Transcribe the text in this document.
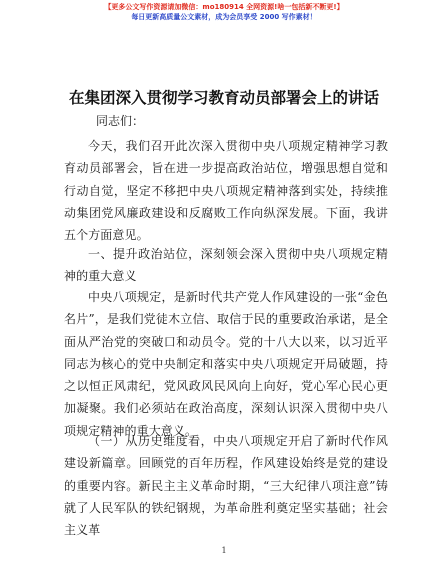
【更多公文写作资源请加微信：mo180914 全网资源!啥一包括新不断更!】
每日更新高质量公文素材，成为会员享受 2000 写作素材！
在集团深入贯彻学习教育动员部署会上的讲话
同志们：
今天，我们召开此次深入贯彻中央八项规定精神学习教育动员部署会，旨在进一步提高政治站位，增强思想自觉和行动自觉，坚定不移把中央八项规定精神落到实处，持续推动集团党风廉政建设和反腐败工作向纵深发展。下面，我讲五个方面意见。
一、提升政治站位，深刻领会深入贯彻中央八项规定精神的重大意义
中央八项规定，是新时代共产党人作风建设的一张“金色名片”，是我们党徒木立信、取信于民的重要政治承诺，是全面从严治党的突破口和动员令。党的十八大以来，以习近平同志为核心的党中央制定和落实中央八项规定开局破题，持之以恒正风肃纪，党风政风民风向上向好，党心军心民心更加凝聚。我们必须站在政治高度，深刻认识深入贯彻中央八项规定精神的重大意义。
（一）从历史维度看，中央八项规定开启了新时代作风建设新篇章。回顾党的百年历程，作风建设始终是党的建设的重要内容。新民主主义革命时期，“三大纪律八项注意”铸就了人民军队的铁纪钢规，为革命胜利奠定坚实基础；社会主义革
1
